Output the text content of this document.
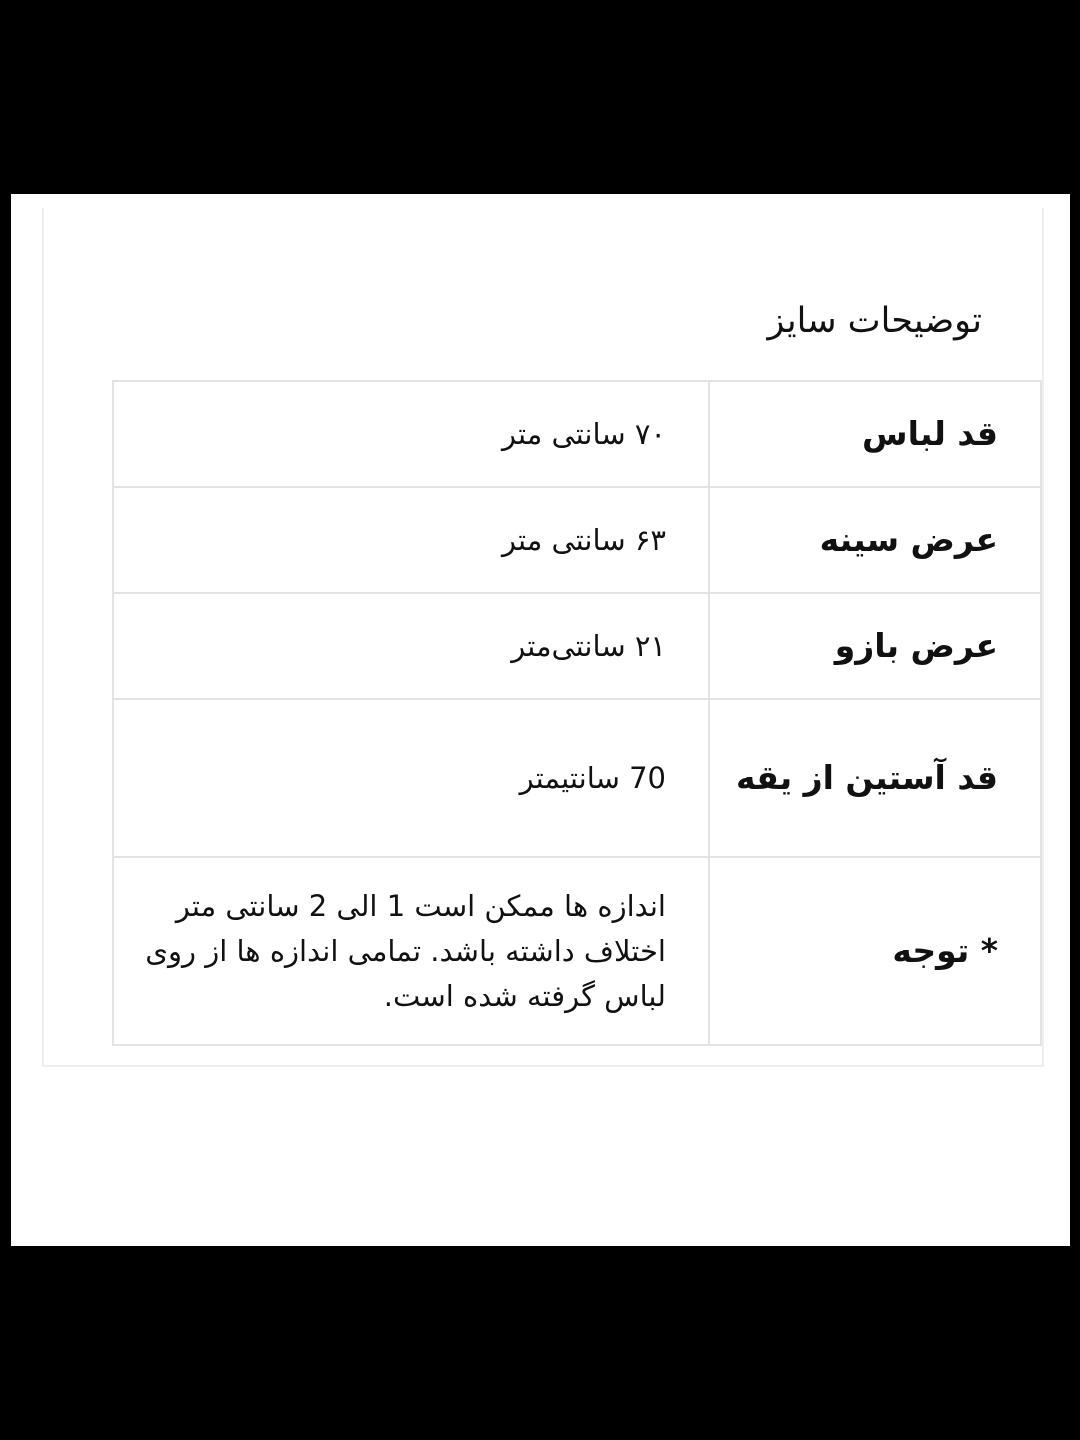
توضیحات سایز
قد لباس	۷۰ سانتی متر
عرض سینه	۶۳ سانتی متر
عرض بازو	۲۱ سانتی‌متر
قد آستین از یقه	70 سانتیمتر
* توجه	اندازه ها ممکن است 1 الی 2 سانتی متر اختلاف داشته باشد. تمامی اندازه ها از روی لباس گرفته شده است.
